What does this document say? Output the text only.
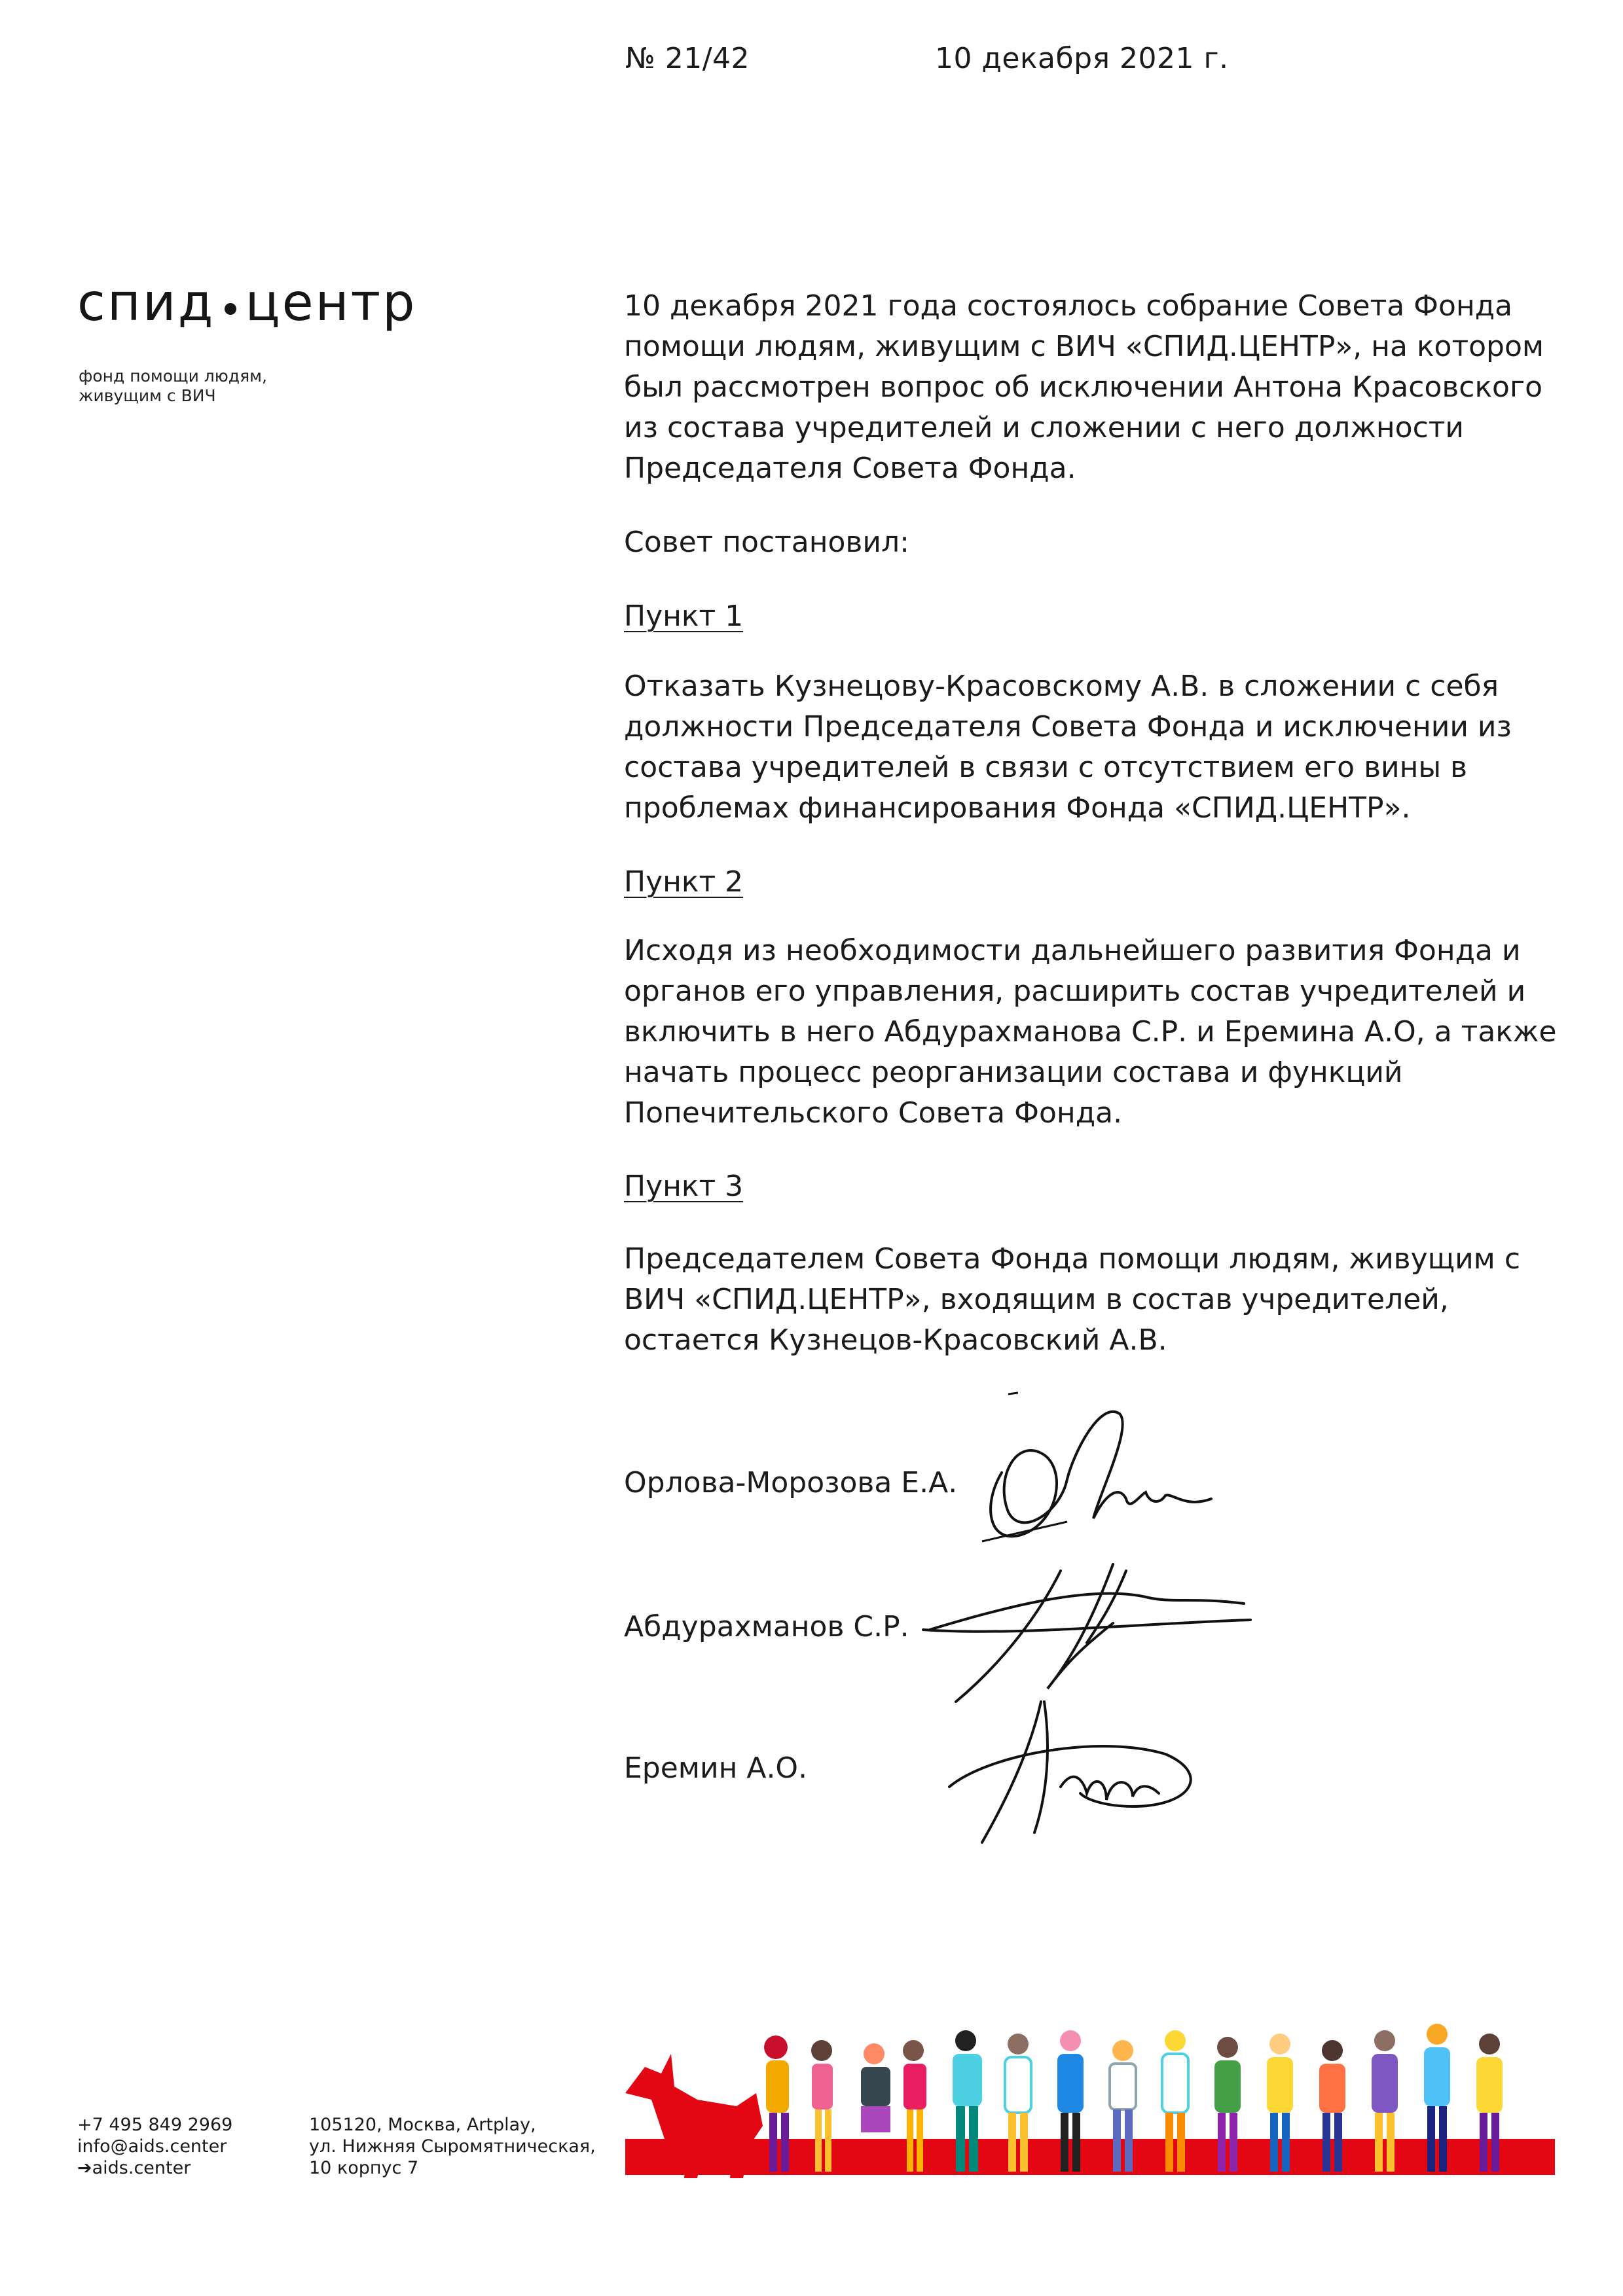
№ 21/42	10 декабря 2021 г.
спид центр
фонд помощи людям,
живущим с ВИЧ
10 декабря 2021 года состоялось собрание Совета Фонда помощи людям, живущим с ВИЧ «СПИД.ЦЕНТР», на котором был рассмотрен вопрос об исключении Антона Красовского из состава учредителей и сложении с него должности Председателя Совета Фонда.
Совет постановил:
Пункт 1
Отказать Кузнецову-Красовскому А.В. в сложении с себя должности Председателя Совета Фонда и исключении из состава учредителей в связи с отсутствием его вины в проблемах финансирования Фонда «СПИД.ЦЕНТР».
Пункт 2
Исходя из необходимости дальнейшего развития Фонда и органов его управления, расширить состав учредителей и включить в него Абдурахманова С.Р. и Еремина А.О, а также начать процесс реорганизации состава и функций Попечительского Совета Фонда.
Пункт 3
Председателем Совета Фонда помощи людям, живущим с ВИЧ «СПИД.ЦЕНТР», входящим в состав учредителей, остается Кузнецов-Красовский А.В.
Орлова-Морозова Е.А.
Абдурахманов С.Р.
Еремин А.О.
+7 495 849 2969
info@aids.center
➔aids.center
105120, Москва, Artplay,
ул. Нижняя Сыромятническая,
10 корпус 7
